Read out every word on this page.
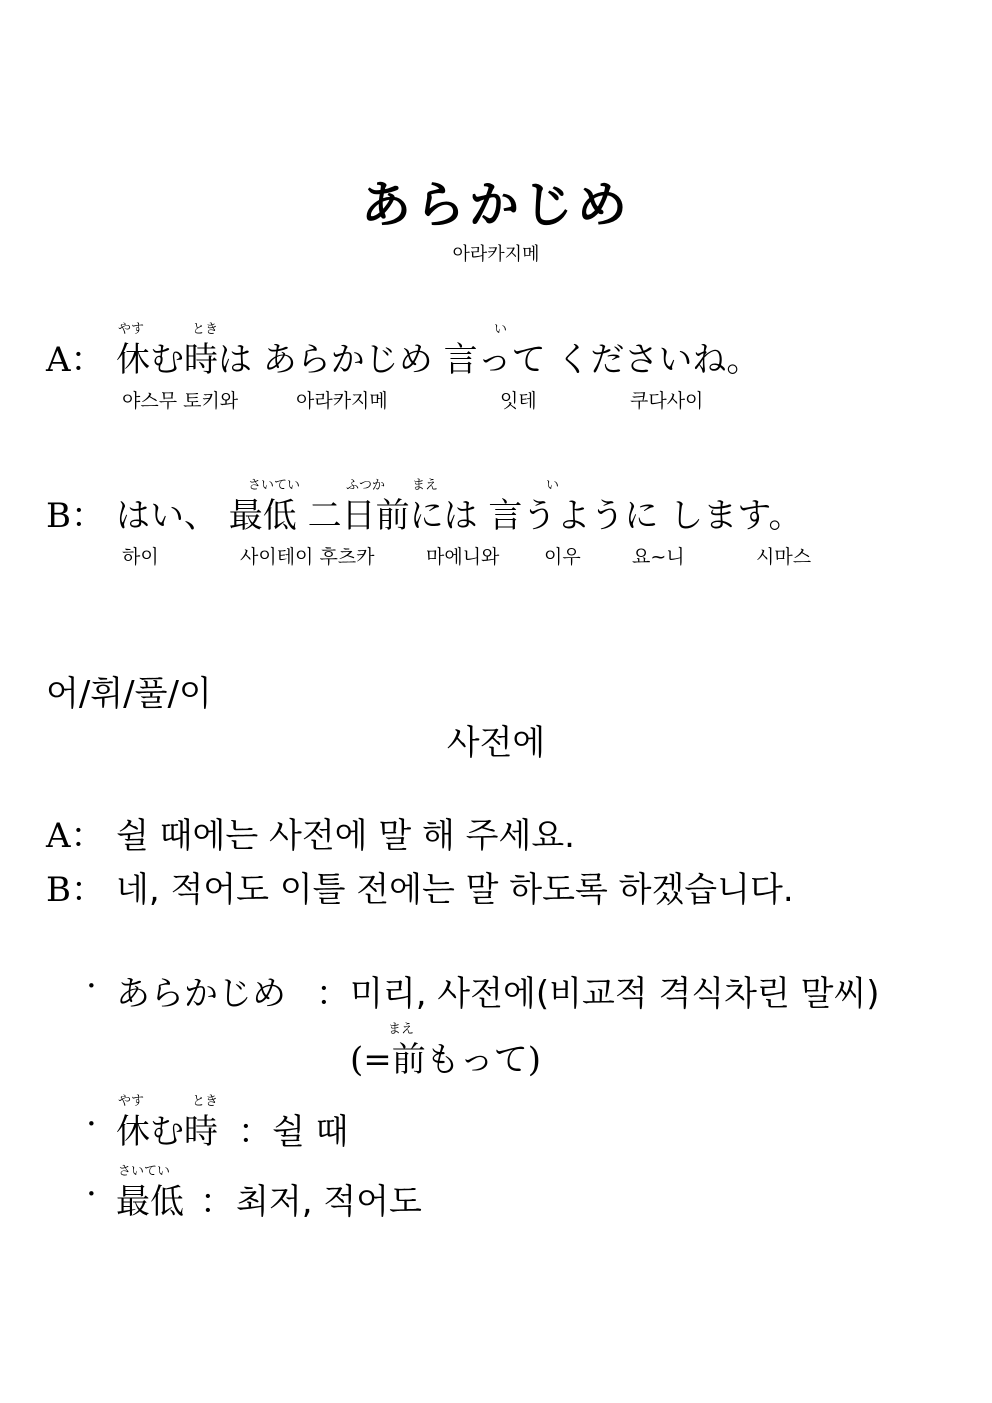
あらかじめ
아라카지메
やす	とき	い
A： 休む時は あらかじめ 言って くださいね。
야스무 토키와	아라카지메	잇테	쿠다사이
さいてい	ふつか まえ	い
B： はい、 最低 二日前には 言うように します。
하이	사이테이 후츠카	마에니와 이우	요~니	시마스
어/휘/풀/이
사전에
A： 쉴 때에는 사전에 말 해 주세요.
B： 네, 적어도 이틀 전에는 말 하도록 하겠습니다.
· あらかじめ ： 미리, 사전에(비교적 격식차린 말씨)
まえ
(=前もって)
やす	とき
· 休む時 ： 쉴 때
さいてい
· 最低 ： 최저, 적어도
